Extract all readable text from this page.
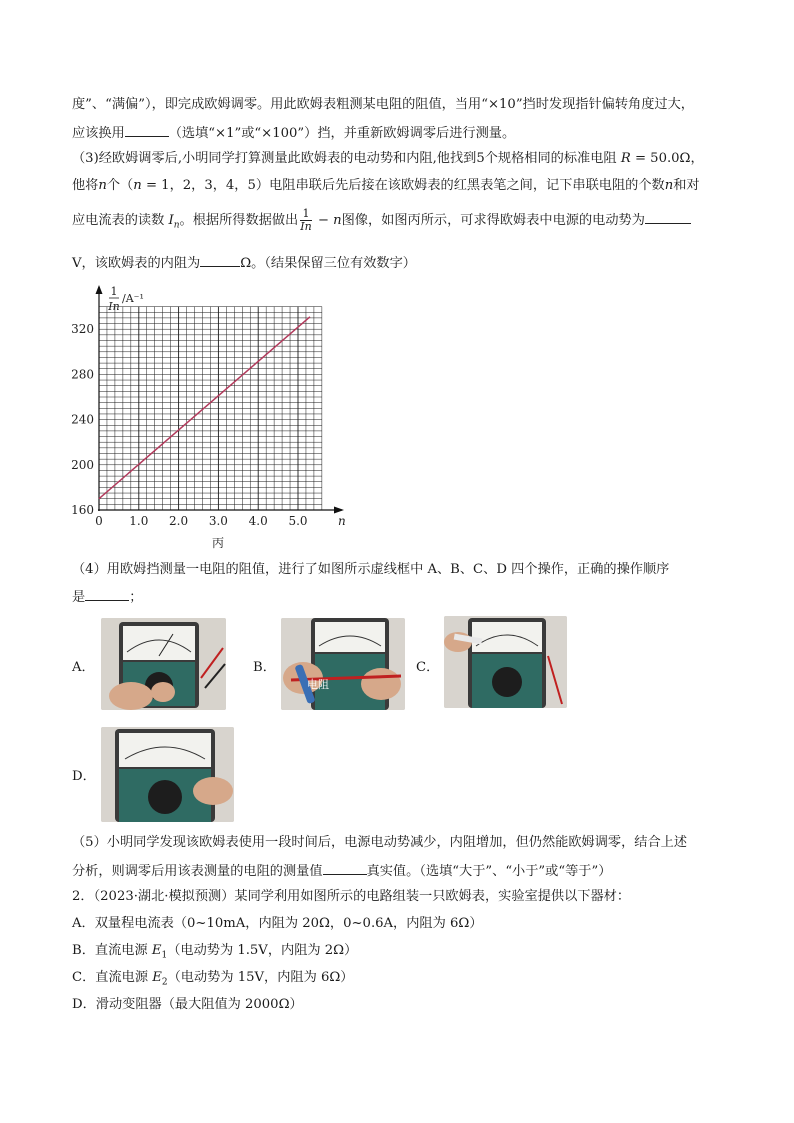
度”、“满偏”），即完成欧姆调零。用此欧姆表粗测某电阻的阻值，当用“×10”挡时发现指针偏转角度过大，
应该换用	（选填“×1”或“×100”）挡，并重新欧姆调零后进行测量。
（3)经欧姆调零后,小明同学打算测量此欧姆表的电动势和内阻,他找到5个规格相同的标准电阻 R = 50.0Ω，
他将n个（n = 1，2，3，4，5）电阻串联后先后接在该欧姆表的红黑表笔之间，记下串联电阻的个数n和对
应电流表的读数 $I_n$。根据所得数据做出 $\frac{1}{In} - n$图像，如图丙所示，可求得欧姆表中电源的电动势为
V，该欧姆表的内阻为	Ω。（结果保留三位有效数字）
160
200
240
280
320
0 1.0 2.0 3.0 4.0 5.0
1
In
/A⁻¹
n
丙
（4）用欧姆挡测量一电阻的阻值，进行了如图所示虚线框中 A、B、C、D 四个操作，正确的操作顺序
是	；
A．	B．
电阻
C．
D．
（5）小明同学发现该欧姆表使用一段时间后，电源电动势减少，内阻增加，但仍然能欧姆调零，结合上述
分析，则调零后用该表测量的电阻的测量值	真实值。（选填“大于”、“小于”或“等于”）
2．（2023·湖北·模拟预测）某同学利用如图所示的电路组装一只欧姆表，实验室提供以下器材：
A．双量程电流表（0~10mA，内阻为 20Ω，0~0.6A，内阻为 6Ω）
B．直流电源 $E_1$（电动势为 1.5V，内阻为 2Ω）
C．直流电源 $E_2$（电动势为 15V，内阻为 6Ω）
D．滑动变阻器（最大阻值为 2000Ω）
